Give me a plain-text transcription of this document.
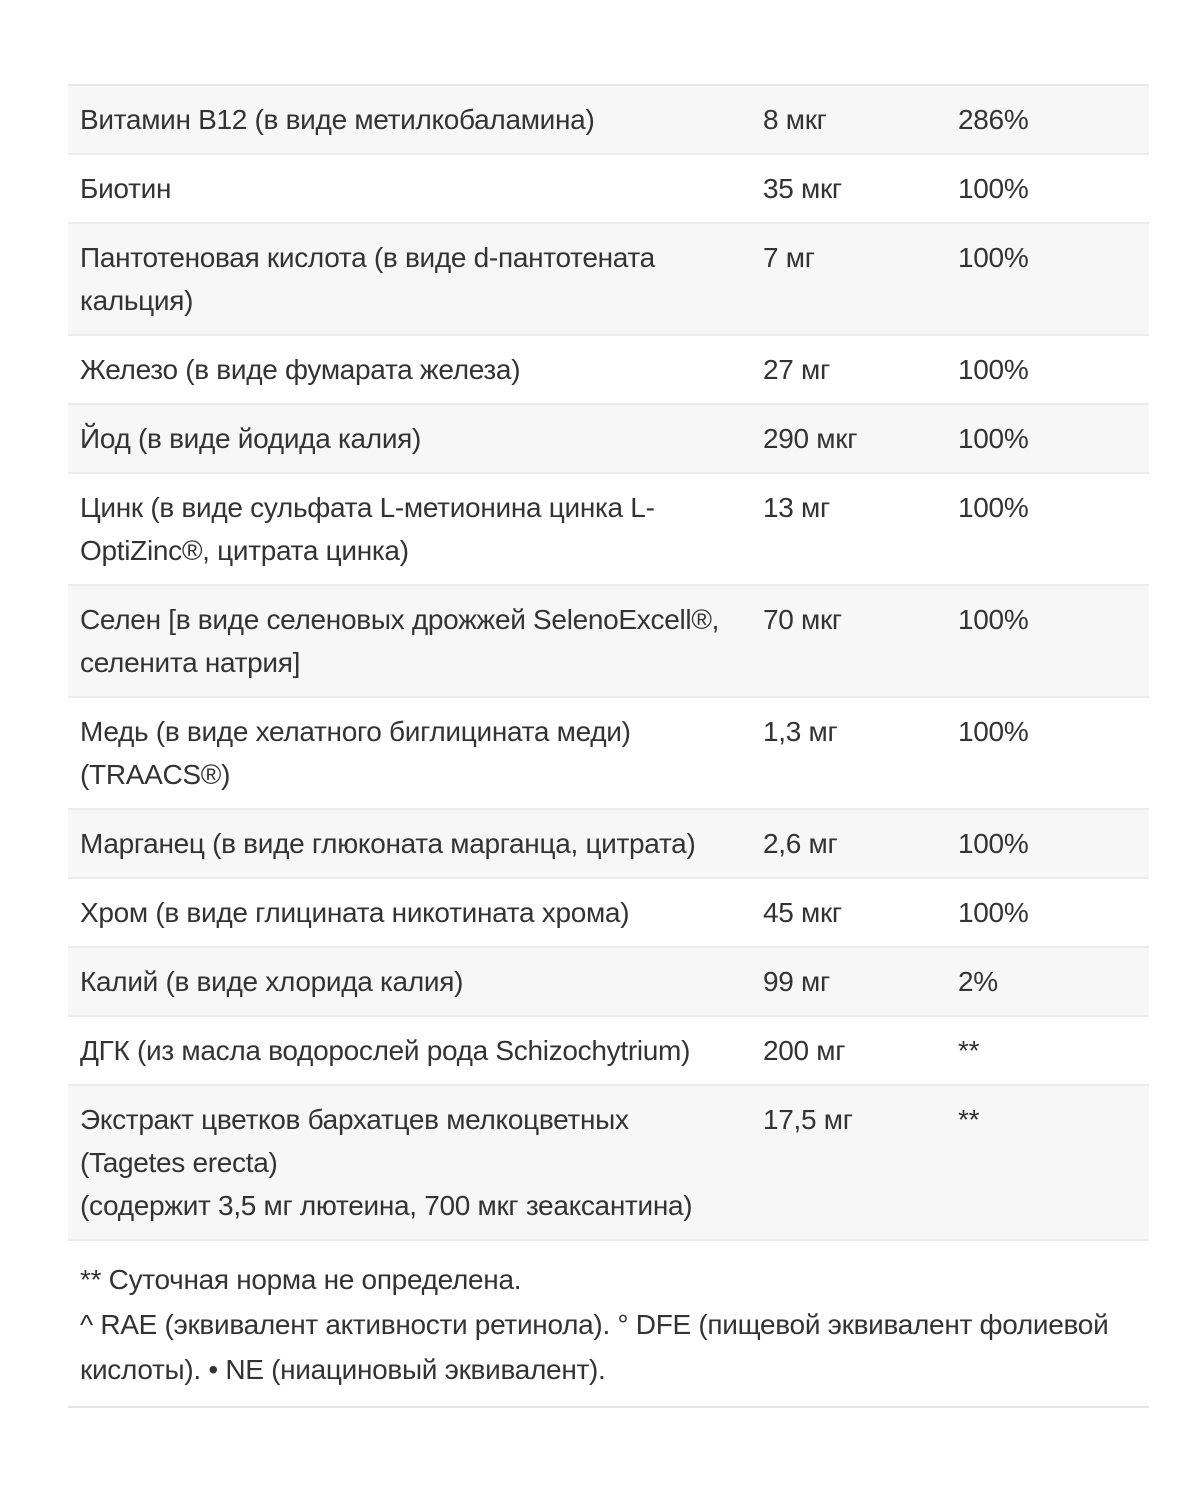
Витамин B12 (в виде метилкобаламина)	8 мкг	286%
Биотин	35 мкг	100%
Пантотеновая кислота (в виде d-пантотената кальция)	7 мг	100%
Железо (в виде фумарата железа)	27 мг	100%
Йод (в виде йодида калия)	290 мкг	100%
Цинк (в виде сульфата L-метионина цинка L-OptiZinc®, цитрата цинка)	13 мг	100%
Селен [в виде селеновых дрожжей SelenoExcell®, селенита натрия]	70 мкг	100%
Медь (в виде хелатного биглицината меди) (TRAACS®)	1,3 мг	100%
Марганец (в виде глюконата марганца, цитрата)	2,6 мг	100%
Хром (в виде глицината никотината хрома)	45 мкг	100%
Калий (в виде хлорида калия)	99 мг	2%
ДГК (из масла водорослей рода Schizochytrium)	200 мг	**
Экстракт цветков бархатцев мелкоцветных
(Tagetes erecta)
(содержит 3,5 мг лютеина, 700 мкг зеаксантина)	17,5 мг	**

** Суточная норма не определена.

^ RAE (эквивалент активности ретинола). ° DFE (пищевой эквивалент фолиевой кислоты). • NE (ниациновый эквивалент).
